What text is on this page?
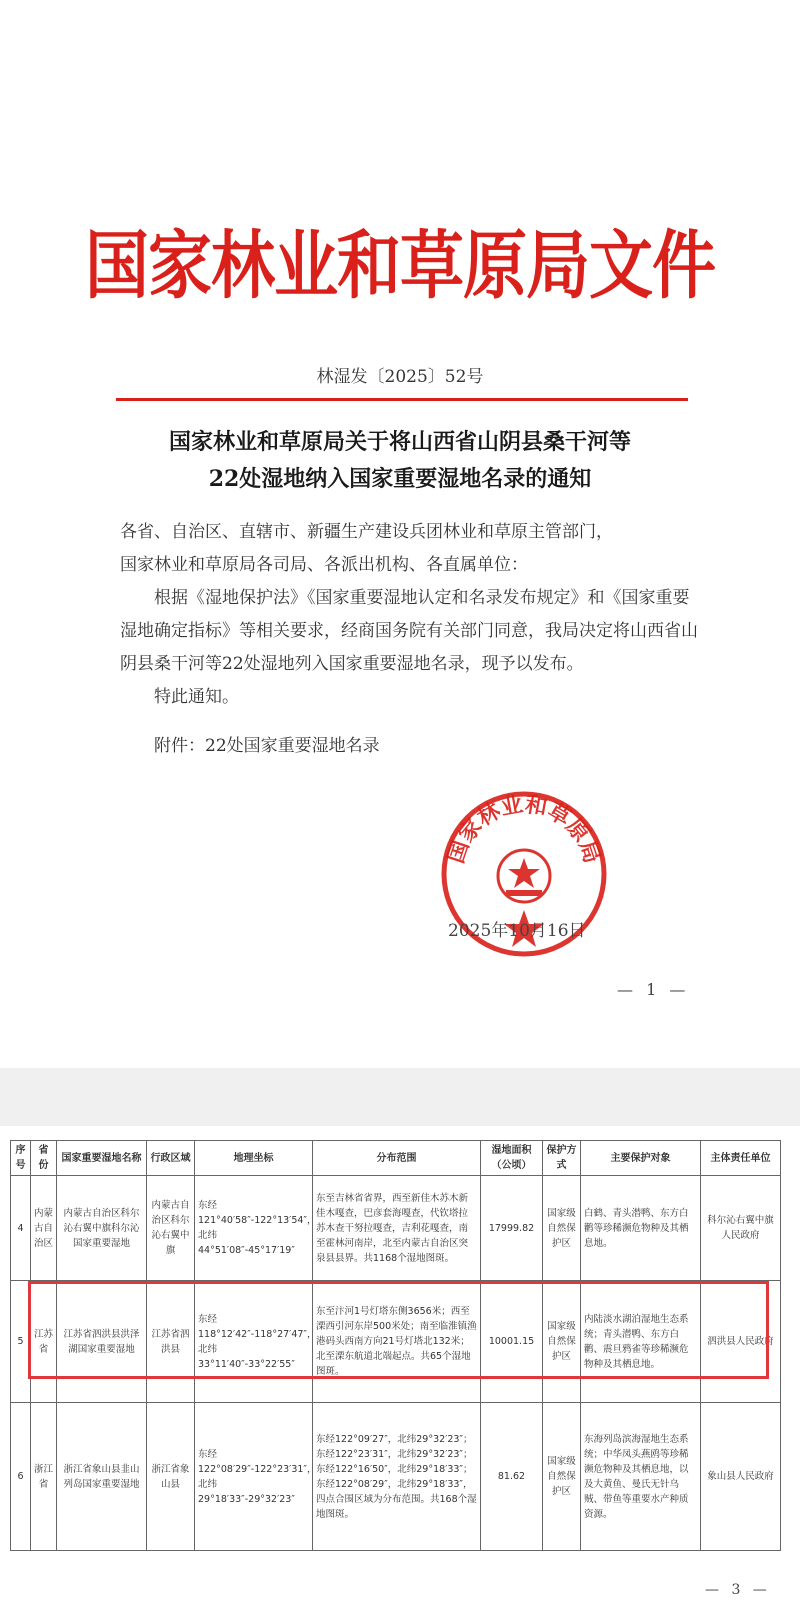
国家林业和草原局文件
林湿发〔2025〕52号
国家林业和草原局关于将山西省山阴县桑干河等
22处湿地纳入国家重要湿地名录的通知

各省、自治区、直辖市、新疆生产建设兵团林业和草原主管部门，

国家林业和草原局各司局、各派出机构、各直属单位：

根据《湿地保护法》《国家重要湿地认定和名录发布规定》和《国家重要湿地确定指标》等相关要求，经商国务院有关部门同意，我局决定将山西省山阴县桑干河等22处湿地列入国家重要湿地名录，现予以发布。

特此通知。

附件：22处国家重要湿地名录

国家林业和草原局
2025年10月16日
— 1 —
序号	省份	国家重要湿地名称	行政区域	地理坐标	分布范围	湿地面积（公顷）	保护方式	主要保护对象	主体责任单位
4	内蒙古自治区	内蒙古自治区科尔沁右翼中旗科尔沁国家重要湿地	内蒙古自治区科尔沁右翼中旗	东经121°40′58″-122°13′54″，北纬44°51′08″-45°17′19″	东至吉林省省界，西至新佳木苏木新佳木嘎查，巴彦套海嘎查，代钦塔拉苏木查干努拉嘎查，吉利花嘎查，南至霍林河南岸，北至内蒙古自治区突泉县县界。共1168个湿地图斑。	17999.82	国家级自然保护区	白鹤、青头潜鸭、东方白鹳等珍稀濒危物种及其栖息地。	科尔沁右翼中旗人民政府
5	江苏省	江苏省泗洪县洪泽湖国家重要湿地	江苏省泗洪县	东经118°12′42″-118°27′47″，北纬33°11′40″-33°22′55″	东至汴河1号灯塔东侧3656米；西至溧西引河东岸500米处；南至临淮镇渔港码头西南方向21号灯塔北132米；北至溧东航道北端起点。共65个湿地图斑。	10001.15	国家级自然保护区	内陆淡水湖泊湿地生态系统；青头潜鸭、东方白鹳、震旦鸦雀等珍稀濒危物种及其栖息地。	泗洪县人民政府
6	浙江省	浙江省象山县韭山列岛国家重要湿地	浙江省象山县	东经122°08′29″-122°23′31″，北纬29°18′33″-29°32′23″	东经122°09′27″，北纬29°32′23″；东经122°23′31″，北纬29°32′23″；东经122°16′50″，北纬29°18′33″；东经122°08′29″，北纬29°18′33″，四点合围区域为分布范围。共168个湿地图斑。	81.62	国家级自然保护区	东海列岛滨海湿地生态系统；中华凤头燕鸥等珍稀濒危物种及其栖息地，以及大黄鱼、曼氏无针乌贼、带鱼等重要水产种质资源。	象山县人民政府
— 3 —
